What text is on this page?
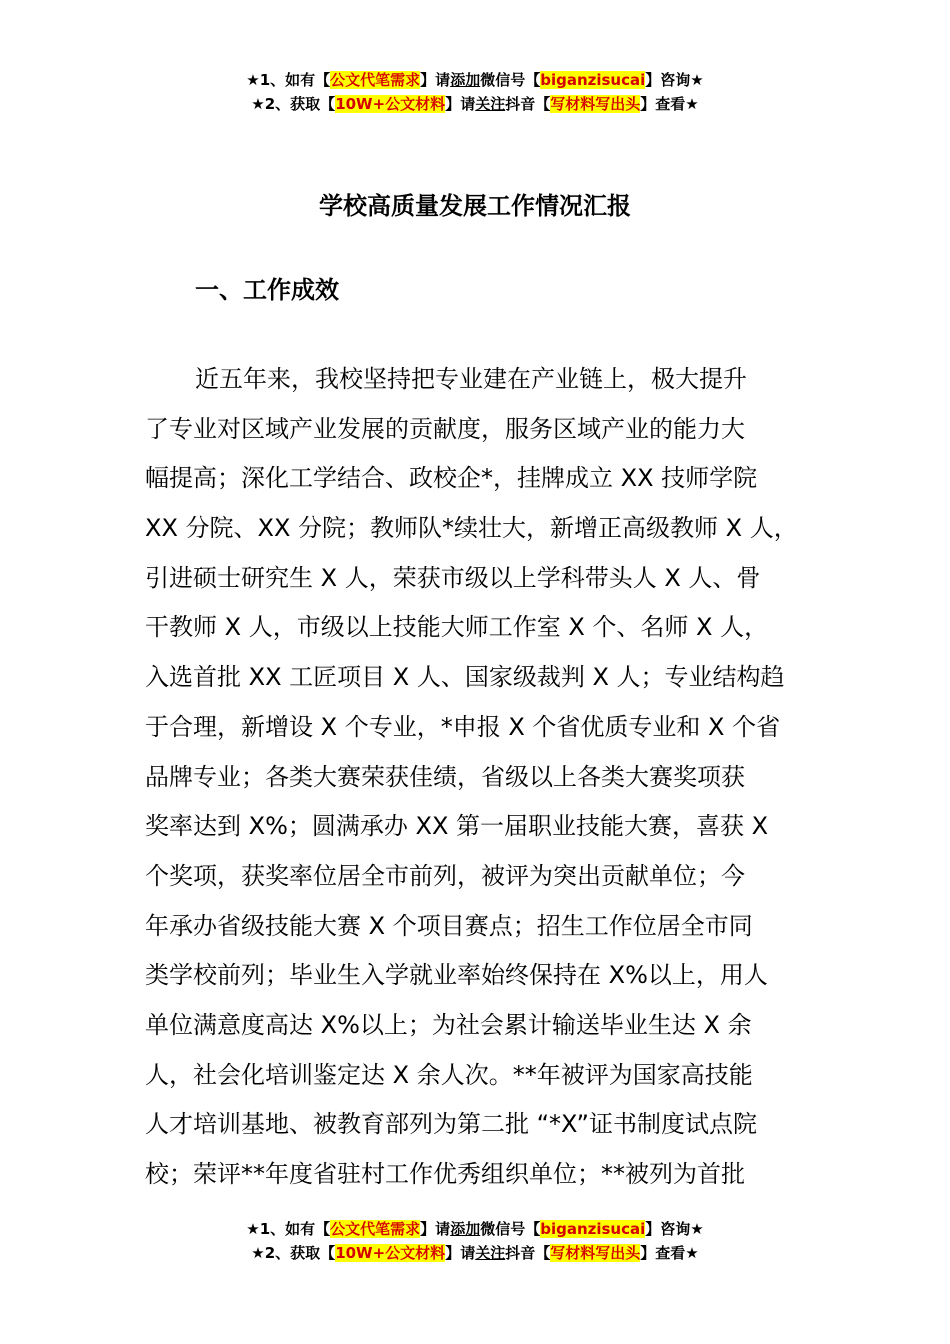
★1、如有【公文代笔需求】请添加微信号【biganzisucai】咨询★
★2、获取【10W+公文材料】请关注抖音【写材料写出头】查看★
学校高质量发展工作情况汇报
一、工作成效
近五年来，我校坚持把专业建在产业链上，极大提升
了专业对区域产业发展的贡献度，服务区域产业的能力大
幅提高；深化工学结合、政校企*，挂牌成立 XX 技师学院
XX 分院、XX 分院；教师队*续壮大，新增正高级教师 X 人，
引进硕士研究生 X 人，荣获市级以上学科带头人 X 人、骨
干教师 X 人，市级以上技能大师工作室 X 个、名师 X 人，
入选首批 XX 工匠项目 X 人、国家级裁判 X 人；专业结构趋
于合理，新增设 X 个专业，*申报 X 个省优质专业和 X 个省
品牌专业；各类大赛荣获佳绩，省级以上各类大赛奖项获
奖率达到 X%；圆满承办 XX 第一届职业技能大赛，喜获 X
个奖项，获奖率位居全市前列，被评为突出贡献单位；今
年承办省级技能大赛 X 个项目赛点；招生工作位居全市同
类学校前列；毕业生入学就业率始终保持在 X%以上，用人
单位满意度高达 X%以上；为社会累计输送毕业生达 X 余
人，社会化培训鉴定达 X 余人次。**年被评为国家高技能
人才培训基地、被教育部列为第二批 “*X”证书制度试点院
校；荣评**年度省驻村工作优秀组织单位；**被列为首批
★1、如有【公文代笔需求】请添加微信号【biganzisucai】咨询★
★2、获取【10W+公文材料】请关注抖音【写材料写出头】查看★
